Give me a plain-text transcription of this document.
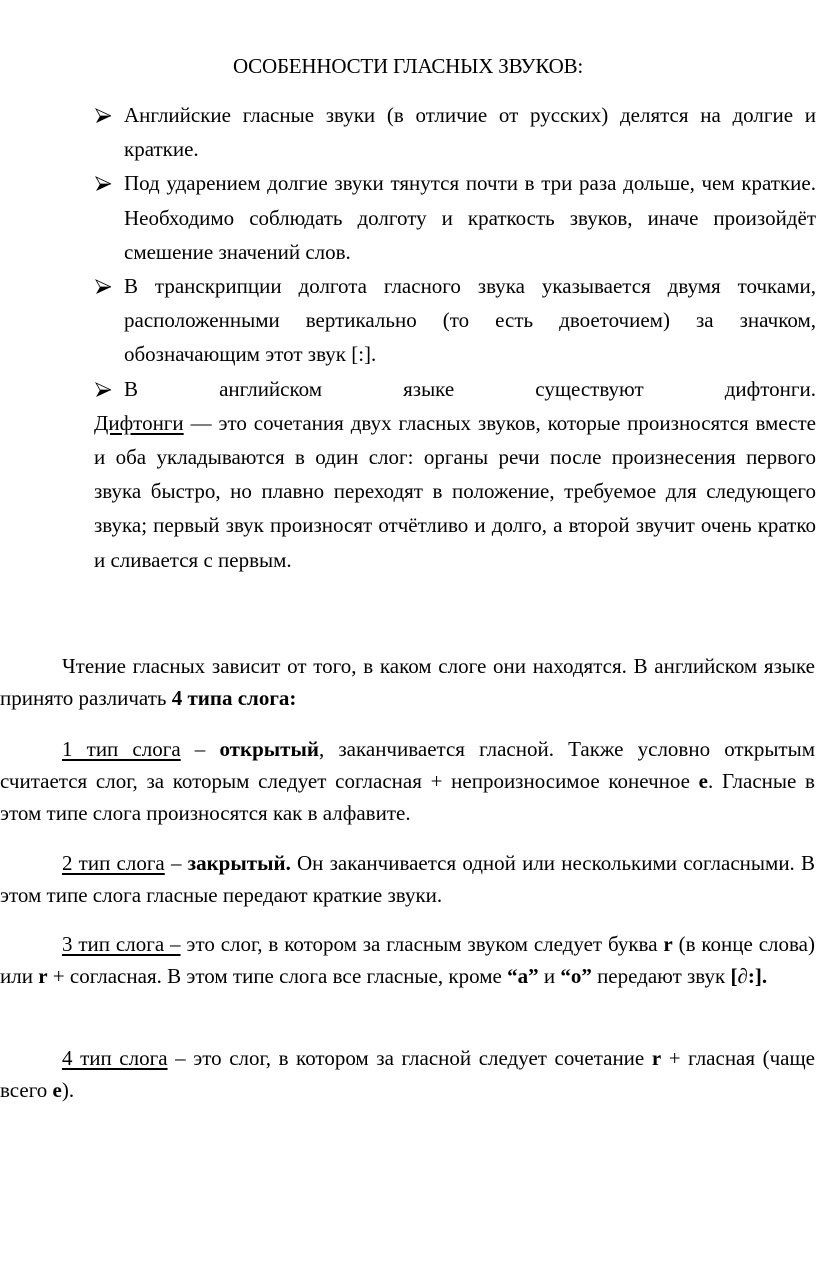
ОСОБЕННОСТИ ГЛАСНЫХ ЗВУКОВ:
Английские гласные звуки (в отличие от русских) делятся на долгие и краткие.
Под ударением долгие звуки тянутся почти в три раза дольше, чем краткие. Необходимо соблюдать долготу и краткость звуков, иначе произойдёт смешение значений слов.
В транскрипции долгота гласного звука указывается двумя точками, расположенными вертикально (то есть двоеточием) за значком, обозначающим этот звук [:].
В английском языке существуют дифтонги.
Дифтонги — это сочетания двух гласных звуков, которые произносятся вместе и оба укладываются в один слог: органы речи после произнесения первого звука быстро, но плавно переходят в положение, требуемое для следующего звука; первый звук произносят отчётливо и долго, а второй звучит очень кратко и сливается с первым.
Чтение гласных зависит от того, в каком слоге они находятся. В английском языке принято различать 4 типа слога:
1 тип слога – открытый, заканчивается гласной. Также условно открытым считается слог, за которым следует согласная + непроизносимое конечное е. Гласные в этом типе слога произносятся как в алфавите.
2 тип слога – закрытый. Он заканчивается одной или несколькими согласными. В этом типе слога гласные передают краткие звуки.
3 тип слога – это слог, в котором за гласным звуком следует буква r (в конце слова) или r + согласная. В этом типе слога все гласные, кроме “а” и “о” передают звук [∂:].
4 тип слога – это слог, в котором за гласной следует сочетание r + гласная (чаще всего е).
